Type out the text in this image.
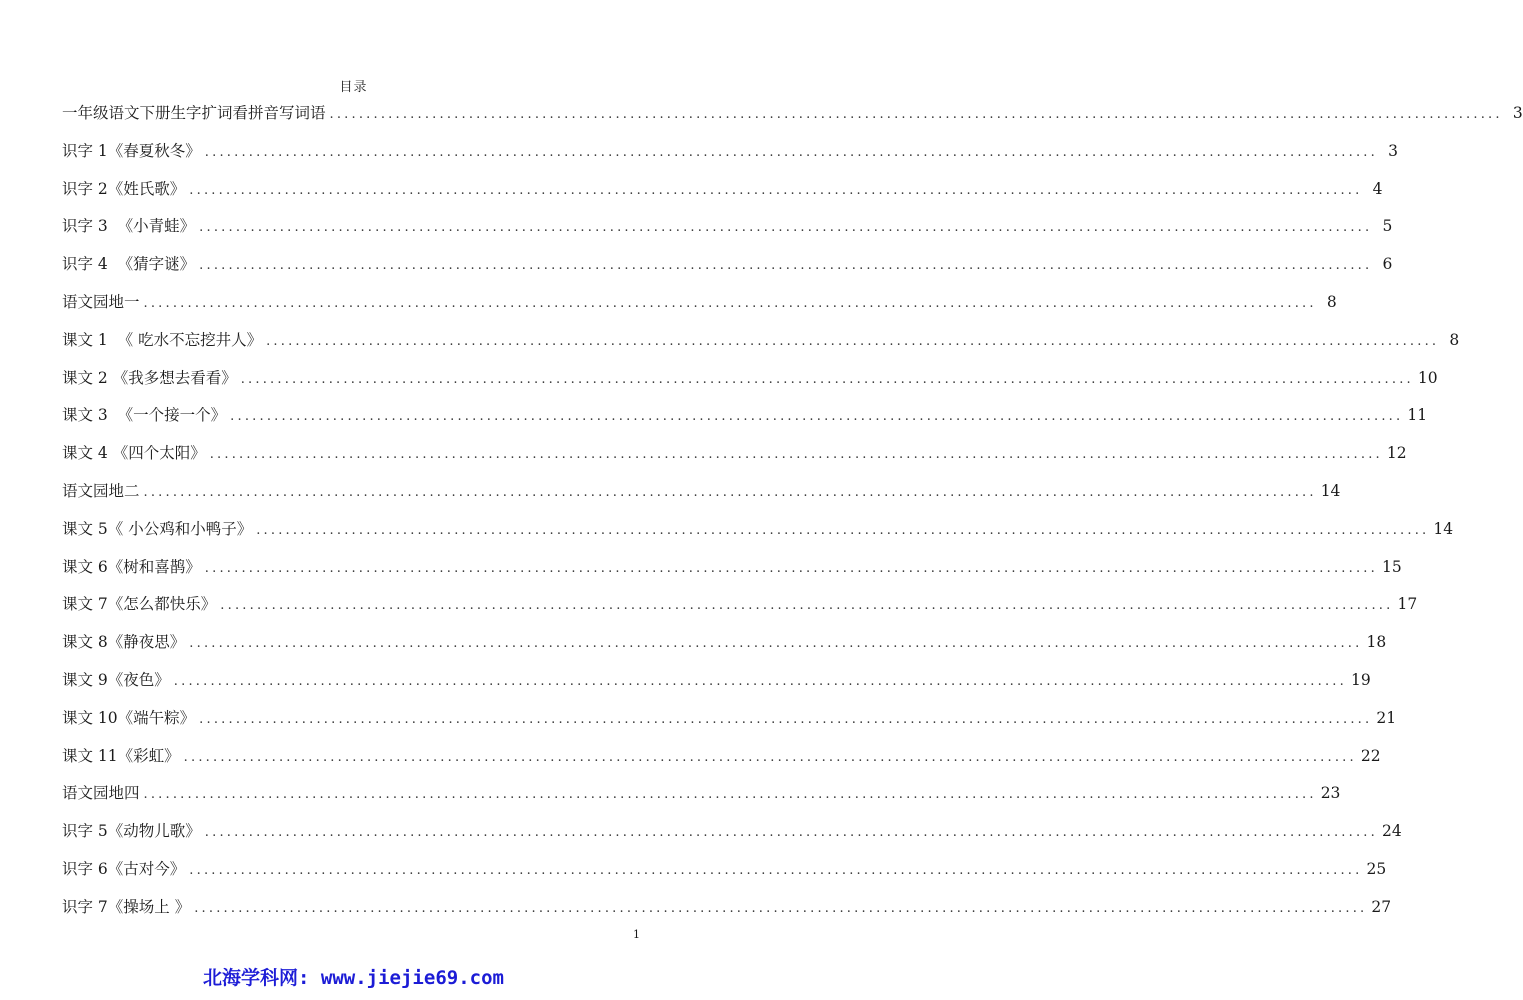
目录
一年级语文下册生字扩词看拼音写词语 ................................................................................................................................................................ 3
识字 1《春夏秋冬》 ................................................................................................................................................................ 3
识字 2《姓氏歌》 ................................................................................................................................................................ 4
识字 3  《小青蛙》 ................................................................................................................................................................ 5
识字 4  《猜字谜》 ................................................................................................................................................................ 6
语文园地一 ................................................................................................................................................................ 8
课文 1  《 吃水不忘挖井人》 ................................................................................................................................................................ 8
课文 2 《我多想去看看》 ................................................................................................................................................................ 10
课文 3  《一个接一个》 ................................................................................................................................................................ 11
课文 4 《四个太阳》 ................................................................................................................................................................ 12
语文园地二 ................................................................................................................................................................ 14
课文 5《 小公鸡和小鸭子》 ................................................................................................................................................................ 14
课文 6《树和喜鹊》 ................................................................................................................................................................ 15
课文 7《怎么都快乐》 ................................................................................................................................................................ 17
课文 8《静夜思》 ................................................................................................................................................................ 18
课文 9《夜色》 ................................................................................................................................................................ 19
课文 10《端午粽》 ................................................................................................................................................................ 21
课文 11《彩虹》 ................................................................................................................................................................ 22
语文园地四 ................................................................................................................................................................ 23
识字 5《动物儿歌》 ................................................................................................................................................................ 24
识字 6《古对今》 ................................................................................................................................................................ 25
识字 7《操场上 》 ................................................................................................................................................................ 27
1
北海学科网: www.jiejie69.com
